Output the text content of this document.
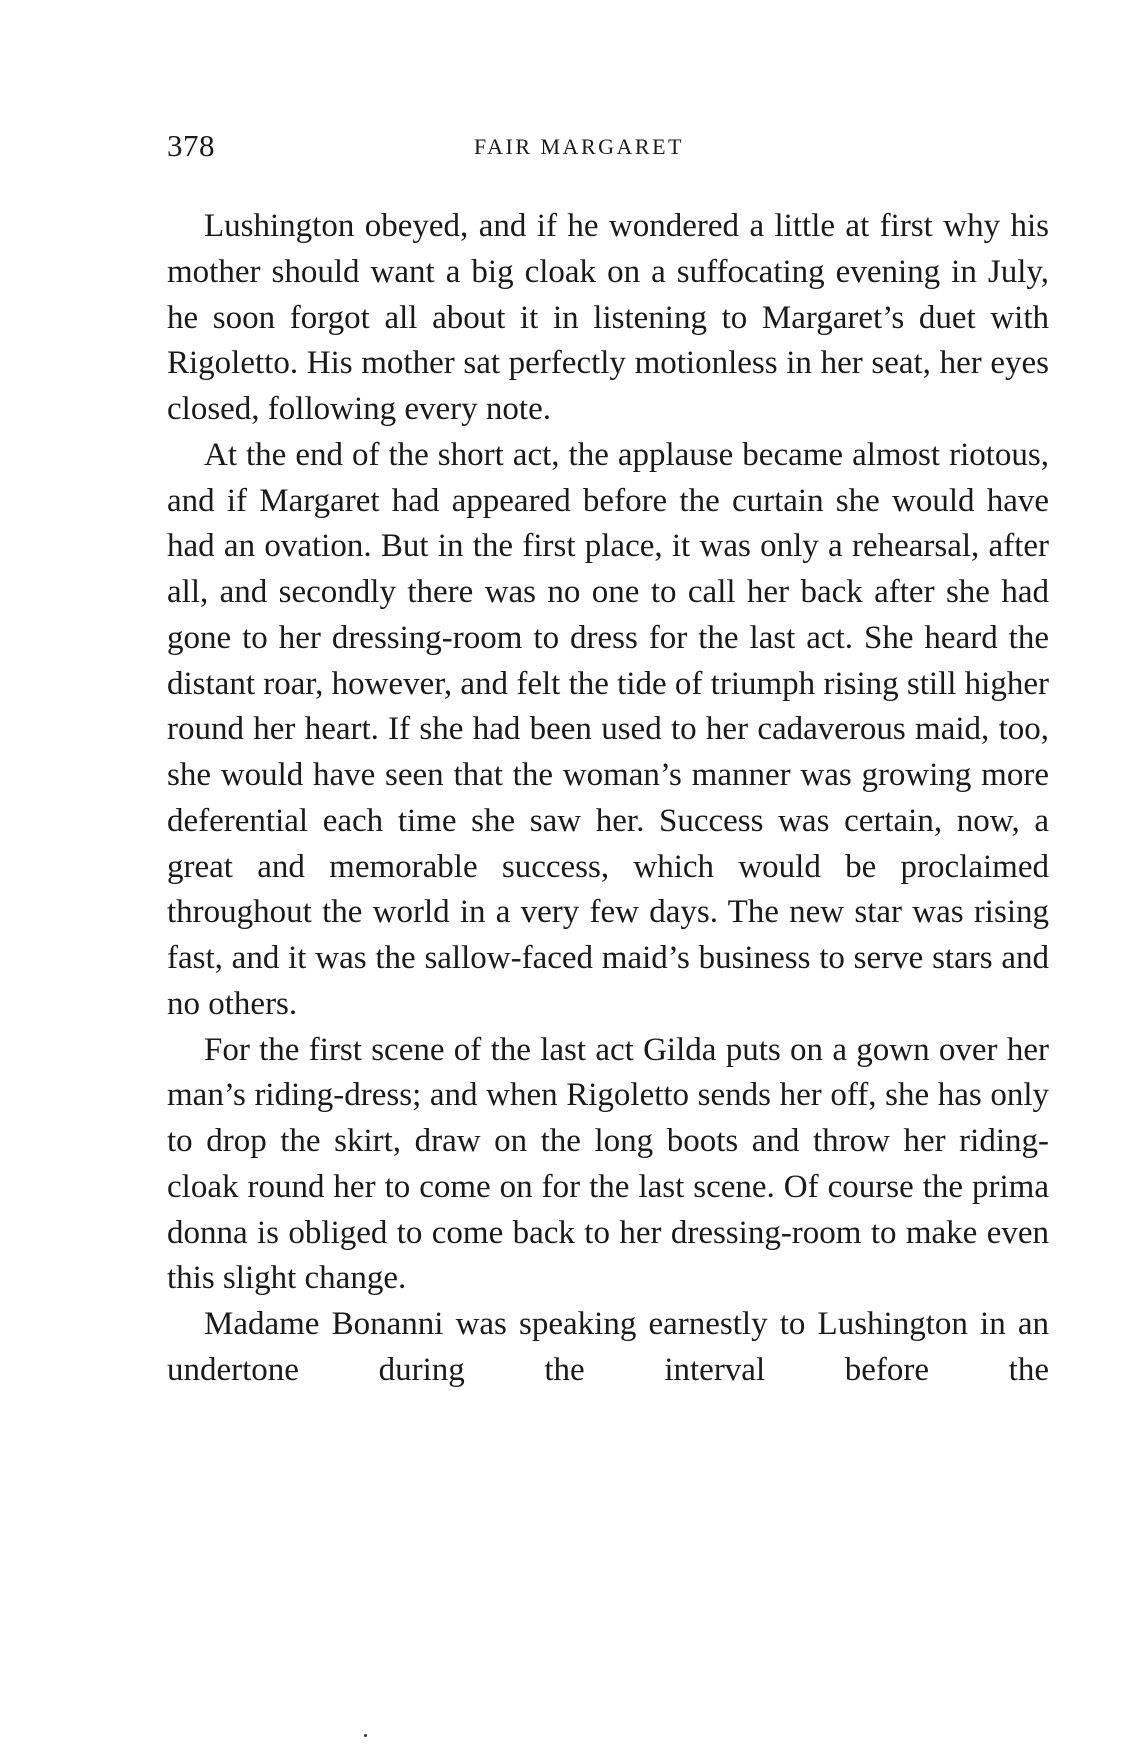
378	FAIR MARGARET

Lushington obeyed, and if he wondered a little at first why his mother should want a big cloak on a suffocating evening in July, he soon forgot all about it in listening to Margaret’s duet with Rigoletto. His mother sat perfectly motionless in her seat, her eyes closed, following every note.

At the end of the short act, the applause became almost riotous, and if Margaret had appeared before the curtain she would have had an ovation. But in the first place, it was only a rehearsal, after all, and secondly there was no one to call her back after she had gone to her dressing-room to dress for the last act. She heard the distant roar, however, and felt the tide of triumph rising still higher round her heart. If she had been used to her cadaverous maid, too, she would have seen that the woman’s manner was growing more deferential each time she saw her. Success was certain, now, a great and memorable success, which would be proclaimed throughout the world in a very few days. The new star was rising fast, and it was the sallow-faced maid’s business to serve stars and no others.

For the first scene of the last act Gilda puts on a gown over her man’s riding-dress; and when Rigoletto sends her off, she has only to drop the skirt, draw on the long boots and throw her riding-cloak round her to come on for the last scene. Of course the prima donna is obliged to come back to her dressing-room to make even this slight change.

Madame Bonanni was speaking earnestly to Lushington in an undertone during the interval before the
